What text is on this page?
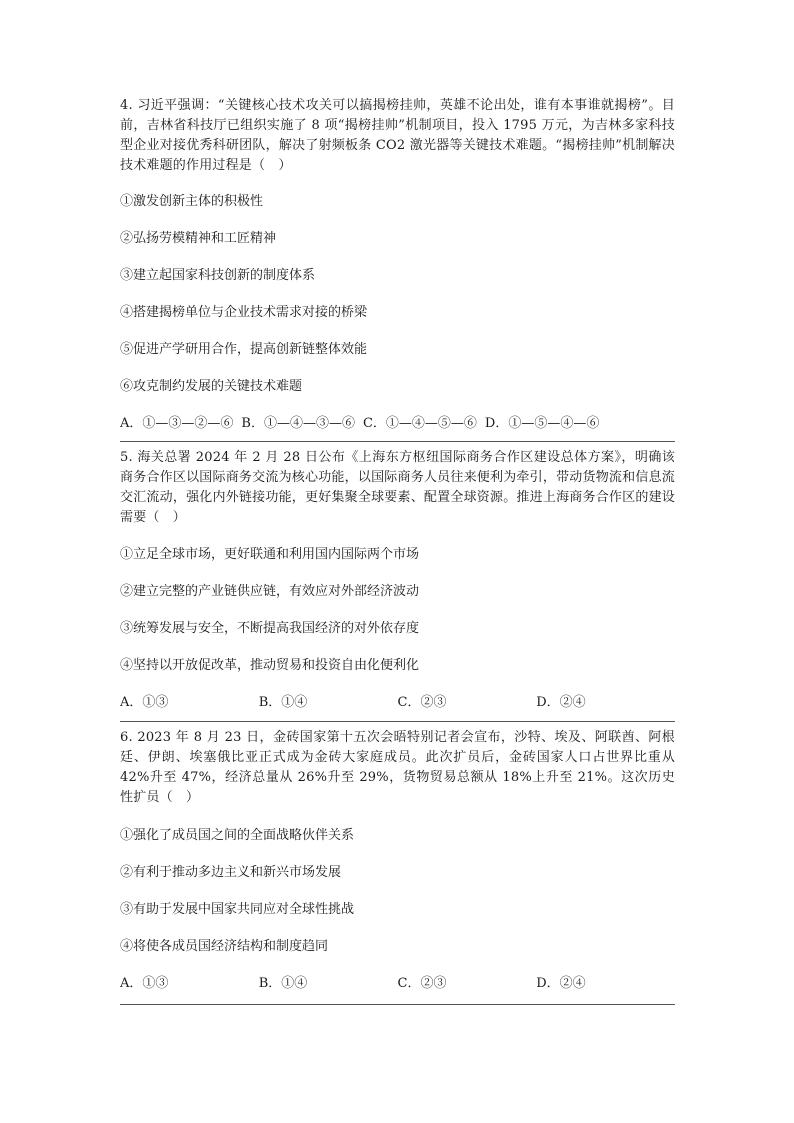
4. 习近平强调：“关键核心技术攻关可以搞揭榜挂帅，英雄不论出处，谁有本事谁就揭榜”。目前，吉林省科技厅已组织实施了 8 项“揭榜挂帅”机制项目，投入 1795 万元，为吉林多家科技型企业对接优秀科研团队，解决了射频板条 CO2 激光器等关键技术难题。“揭榜挂帅”机制解决技术难题的作用过程是（　）

①激发创新主体的积极性

②弘扬劳模精神和工匠精神

③建立起国家科技创新的制度体系

④搭建揭榜单位与企业技术需求对接的桥梁

⑤促进产学研用合作，提高创新链整体效能

⑥攻克制约发展的关键技术难题

A．①—③—②—⑥ B．①—④—③—⑥ C．①—④—⑤—⑥ D．①—⑤—④—⑥

5. 海关总署 2024 年 2 月 28 日公布《上海东方枢纽国际商务合作区建设总体方案》，明确该商务合作区以国际商务交流为核心功能，以国际商务人员往来便利为牵引，带动货物流和信息流交汇流动，强化内外链接功能，更好集聚全球要素、配置全球资源。推进上海商务合作区的建设需要（　）

①立足全球市场，更好联通和利用国内国际两个市场

②建立完整的产业链供应链，有效应对外部经济波动

③统筹发展与安全，不断提高我国经济的对外依存度

④坚持以开放促改革，推动贸易和投资自由化便利化

A．①③	B．①④	C．②③	D．②④

6. 2023 年 8 月 23 日，金砖国家第十五次会晤特别记者会宣布，沙特、埃及、阿联酋、阿根廷、伊朗、埃塞俄比亚正式成为金砖大家庭成员。此次扩员后，金砖国家人口占世界比重从 42%升至 47%，经济总量从 26%升至 29%，货物贸易总额从 18%上升至 21%。这次历史性扩员（　）

①强化了成员国之间的全面战略伙伴关系

②有利于推动多边主义和新兴市场发展

③有助于发展中国家共同应对全球性挑战

④将使各成员国经济结构和制度趋同

A．①③	B．①④	C．②③	D．②④
